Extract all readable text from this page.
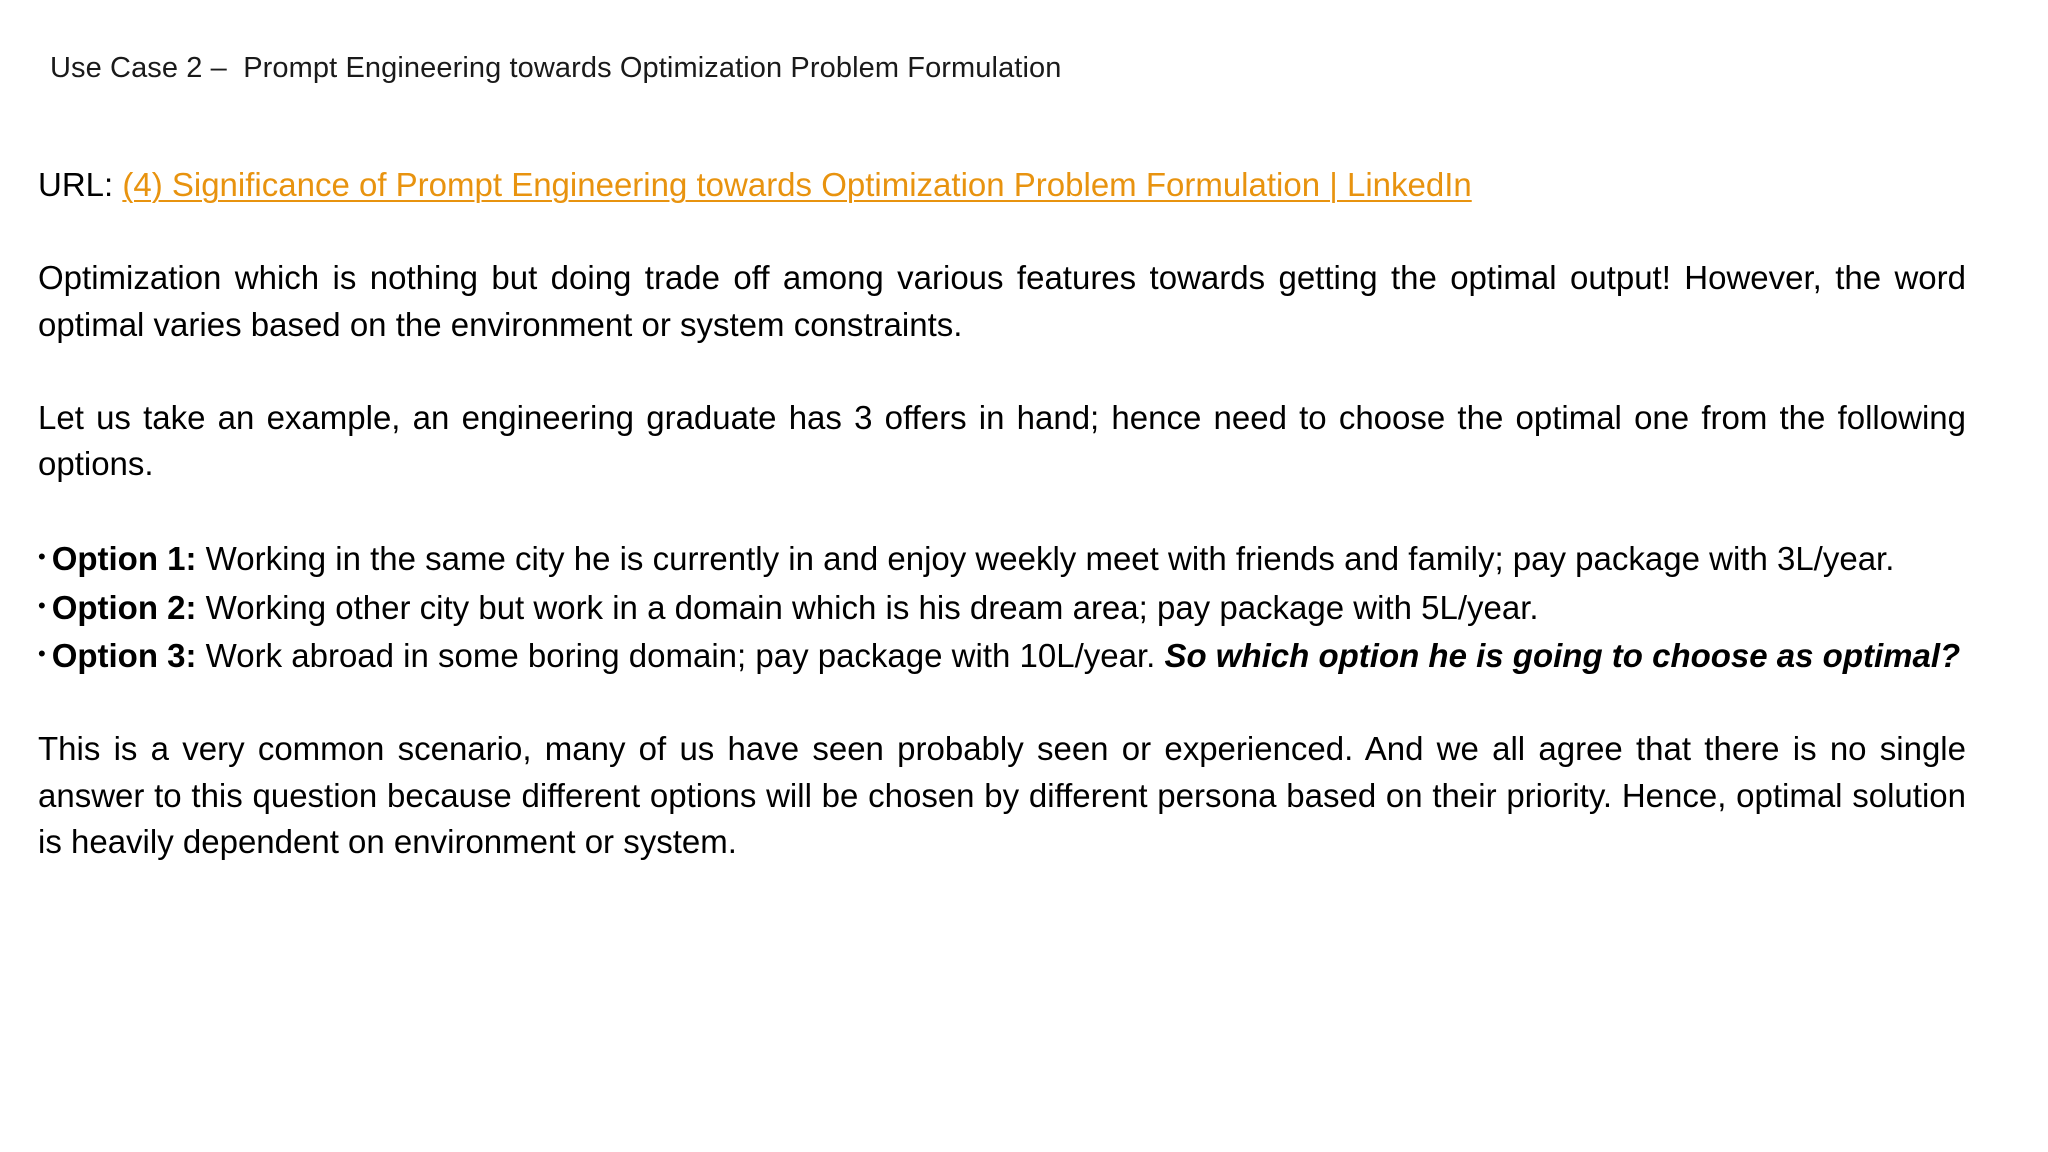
Use Case 2 –  Prompt Engineering towards Optimization Problem Formulation

URL: (4) Significance of Prompt Engineering towards Optimization Problem Formulation | LinkedIn

Optimization which is nothing but doing trade off among various features towards getting the optimal output! However, the word optimal varies based on the environment or system constraints.

Let us take an example, an engineering graduate has 3 offers in hand; hence need to choose the optimal one from the following options.

• Option 1: Working in the same city he is currently in and enjoy weekly meet with friends and family; pay package with 3L/year.

• Option 2: Working other city but work in a domain which is his dream area; pay package with 5L/year.

• Option 3: Work abroad in some boring domain; pay package with 10L/year. So which option he is going to choose as optimal?

This is a very common scenario, many of us have seen probably seen or experienced. And we all agree that there is no single answer to this question because different options will be chosen by different persona based on their priority. Hence, optimal solution is heavily dependent on environment or system.
